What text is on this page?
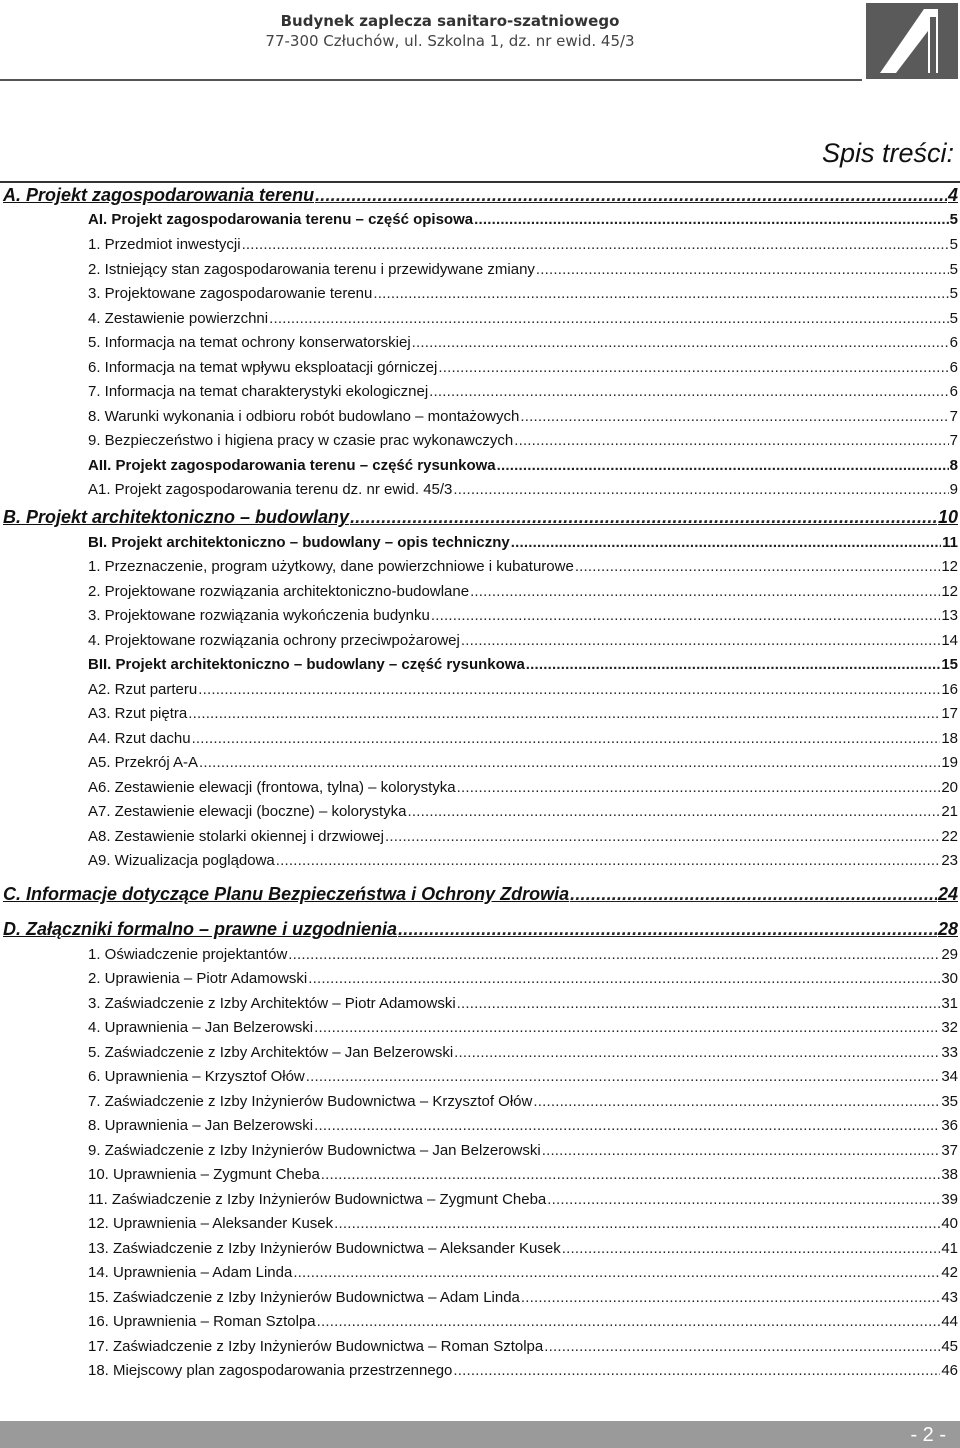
Budynek zaplecza sanitaro-szatniowego
77-300 Człuchów, ul. Szkolna 1, dz. nr ewid. 45/3
Spis treści:
A. Projekt zagospodarowania terenu .....	4
AI. Projekt zagospodarowania terenu – część opisowa .....	5
1. Przedmiot inwestycji .....	5
2. Istniejący stan zagospodarowania terenu i przewidywane zmiany .....	5
3. Projektowane zagospodarowanie terenu .....	5
4. Zestawienie powierzchni .....	5
5. Informacja na temat ochrony konserwatorskiej .....	6
6. Informacja na temat wpływu eksploatacji górniczej .....	6
7. Informacja na temat charakterystyki ekologicznej .....	6
8. Warunki wykonania i odbioru robót budowlano – montażowych .....	7
9. Bezpieczeństwo i higiena pracy w czasie prac wykonawczych .....	7
AII. Projekt zagospodarowania terenu – część rysunkowa .....	8
A1. Projekt zagospodarowania terenu dz. nr ewid. 45/3 .....	9
B. Projekt architektoniczno – budowlany .....	10
BI. Projekt architektoniczno – budowlany – opis techniczny .....	11
1. Przeznaczenie, program użytkowy, dane powierzchniowe i kubaturowe .....	12
2. Projektowane rozwiązania architektoniczno-budowlane .....	12
3. Projektowane rozwiązania wykończenia budynku .....	13
4. Projektowane rozwiązania ochrony przeciwpożarowej .....	14
BII. Projekt architektoniczno – budowlany – część rysunkowa .....	15
A2. Rzut parteru .....	16
A3. Rzut piętra .....	17
A4. Rzut dachu .....	18
A5. Przekrój A-A .....	19
A6. Zestawienie elewacji (frontowa, tylna) – kolorystyka .....	20
A7. Zestawienie elewacji (boczne) – kolorystyka .....	21
A8. Zestawienie stolarki okiennej i drzwiowej .....	22
A9. Wizualizacja poglądowa .....	23
C. Informacje dotyczące Planu Bezpieczeństwa i Ochrony Zdrowia .....	24
D. Załączniki formalno – prawne i uzgodnienia .....	28
1. Oświadczenie projektantów .....	29
2. Uprawienia – Piotr Adamowski .....	30
3. Zaświadczenie z Izby Architektów – Piotr Adamowski .....	31
4. Uprawnienia – Jan Belzerowski .....	32
5. Zaświadczenie z Izby Architektów – Jan Belzerowski .....	33
6. Uprawnienia – Krzysztof Ołów .....	34
7. Zaświadczenie z Izby Inżynierów Budownictwa – Krzysztof Ołów .....	35
8. Uprawnienia – Jan Belzerowski .....	36
9. Zaświadczenie z Izby Inżynierów Budownictwa – Jan Belzerowski .....	37
10. Uprawnienia – Zygmunt Cheba .....	38
11. Zaświadczenie z Izby Inżynierów Budownictwa – Zygmunt Cheba .....	39
12. Uprawnienia – Aleksander Kusek .....	40
13. Zaświadczenie z Izby Inżynierów Budownictwa – Aleksander Kusek .....	41
14. Uprawnienia – Adam Linda .....	42
15. Zaświadczenie z Izby Inżynierów Budownictwa – Adam Linda .....	43
16. Uprawnienia – Roman Sztolpa .....	44
17. Zaświadczenie z Izby Inżynierów Budownictwa – Roman Sztolpa .....	45
18. Miejscowy plan zagospodarowania przestrzennego .....	46
- 2 -
